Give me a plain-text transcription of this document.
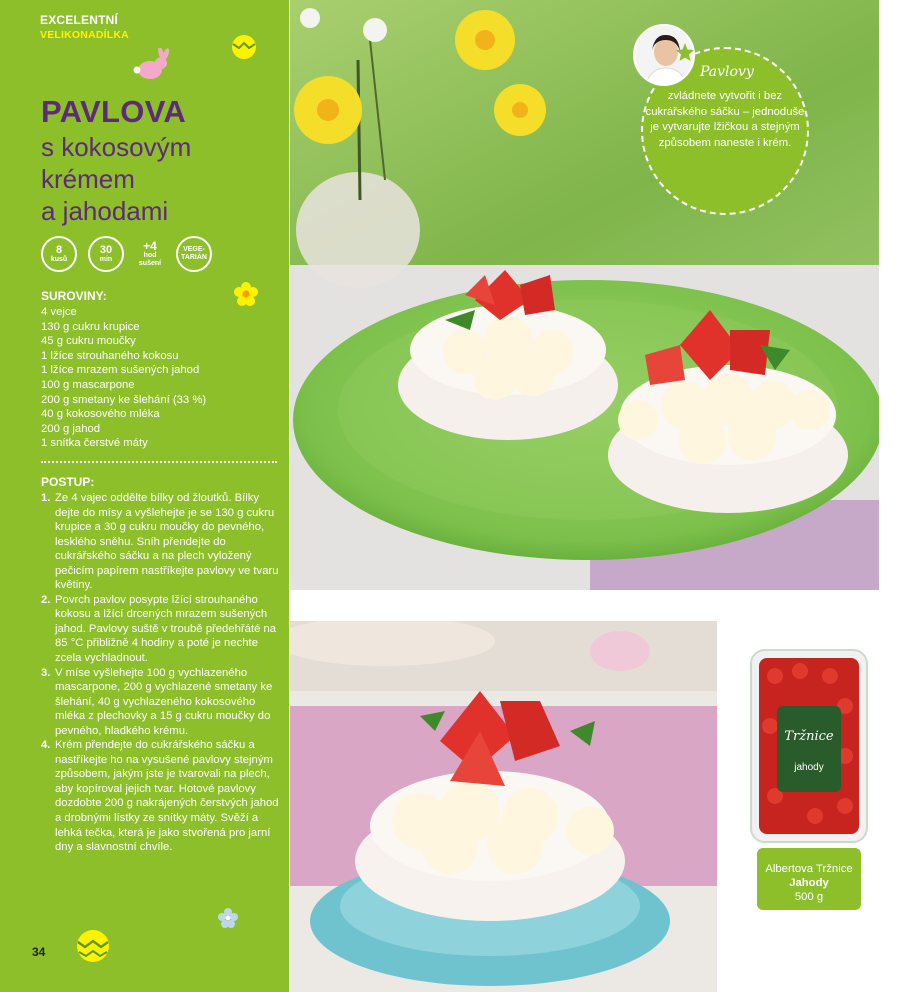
EXCELENTNÍ
VELIKONADÍLKA
PAVLOVA
s kokosovým
krémem
a jahodami
8
kusů
30
min
+4
hod sušení
VEGE-TARIÁN
SUROVINY:
4 vejce
130 g cukru krupice
45 g cukru moučky
1 lžíce strouhaného kokosu
1 lžíce mrazem sušených jahod
100 g mascarpone
200 g smetany ke šlehání (33 %)
40 g kokosového mléka
200 g jahod
1 snítka čerstvé máty
POSTUP:
1. Ze 4 vajec oddělte bílky od žloutků. Bílky dejte do mísy a vyšlehejte je se 130 g cukru krupice a 30 g cukru moučky do pevného, lesklého sněhu. Sníh přendejte do cukrářského sáčku a na plech vyložený pečicím papírem nastříkejte pavlovy ve tvaru květiny.
2. Povrch pavlov posypte lžící strouhaného kokosu a lžící drcených mrazem sušených jahod. Pavlovy suště v troubě předehřáté na 85 °C přibližně 4 hodiny a poté je nechte zcela vychladnout.
3. V míse vyšlehejte 100 g vychlazeného mascarpone, 200 g vychlazené smetany ke šlehání, 40 g vychlazeného kokosového mléka z plechovky a 15 g cukru moučky do pevného, hladkého krému.
4. Krém přendejte do cukrářského sáčku a nastříkejte ho na vysušené pavlovy stejným způsobem, jakým jste je tvarovali na plech, aby kopíroval jejich tvar. Hotové pavlovy dozdobte 200 g nakrájených čerstvých jahod a drobnými lístky ze snítky máty. Svěží a lehká tečka, která je jako stvořená pro jarní dny a slavnostní chvíle.
34
Pavlovy
zvládnete vytvořit i bez cukrářského sáčku – jednoduše je vytvarujte lžičkou a stejným způsobem naneste i krém.
Tržnice
jahody
Albertova Tržnice
Jahody
500 g
